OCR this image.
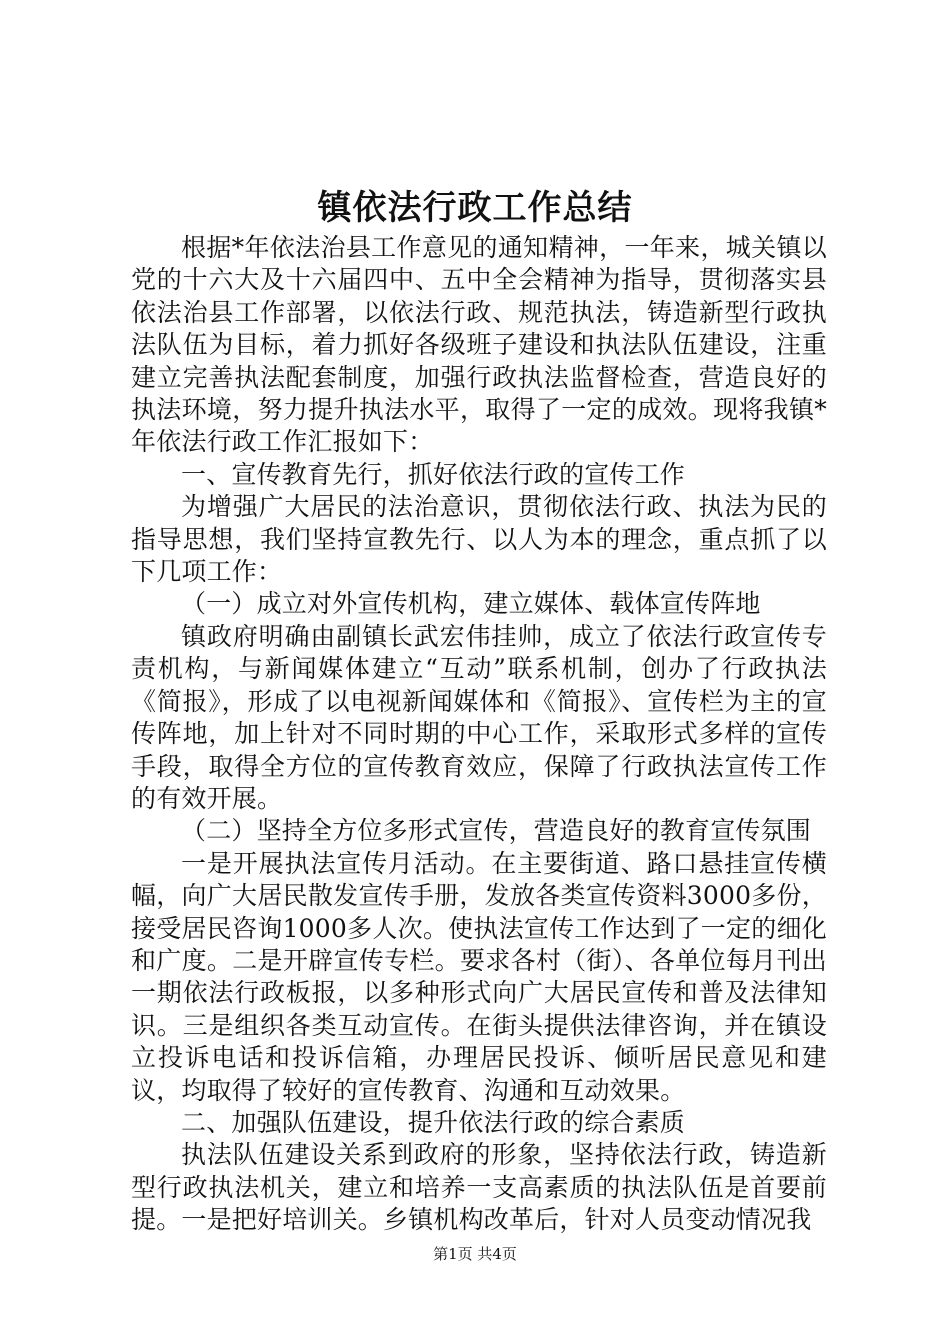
镇依法行政工作总结

根据*年依法治县工作意见的通知精神，一年来，城关镇以党的十六大及十六届四中、五中全会精神为指导，贯彻落实县依法治县工作部署，以依法行政、规范执法，铸造新型行政执法队伍为目标，着力抓好各级班子建设和执法队伍建设，注重建立完善执法配套制度，加强行政执法监督检查，营造良好的执法环境，努力提升执法水平，取得了一定的成效。现将我镇*年依法行政工作汇报如下：

一、宣传教育先行，抓好依法行政的宣传工作

为增强广大居民的法治意识，贯彻依法行政、执法为民的指导思想，我们坚持宣教先行、以人为本的理念，重点抓了以下几项工作：

（一）成立对外宣传机构，建立媒体、载体宣传阵地

镇政府明确由副镇长武宏伟挂帅，成立了依法行政宣传专责机构，与新闻媒体建立“互动”联系机制，创办了行政执法《简报》，形成了以电视新闻媒体和《简报》、宣传栏为主的宣传阵地，加上针对不同时期的中心工作，采取形式多样的宣传手段，取得全方位的宣传教育效应，保障了行政执法宣传工作的有效开展。

（二）坚持全方位多形式宣传，营造良好的教育宣传氛围

一是开展执法宣传月活动。在主要街道、路口悬挂宣传横幅，向广大居民散发宣传手册，发放各类宣传资料3000多份，接受居民咨询1000多人次。使执法宣传工作达到了一定的细化和广度。二是开辟宣传专栏。要求各村（街）、各单位每月刊出一期依法行政板报，以多种形式向广大居民宣传和普及法律知识。三是组织各类互动宣传。在街头提供法律咨询，并在镇设立投诉电话和投诉信箱，办理居民投诉、倾听居民意见和建议，均取得了较好的宣传教育、沟通和互动效果。

二、加强队伍建设，提升依法行政的综合素质

执法队伍建设关系到政府的形象，坚持依法行政，铸造新型行政执法机关，建立和培养一支高素质的执法队伍是首要前提。一是把好培训关。乡镇机构改革后，针对人员变动情况我

第1页 共4页
